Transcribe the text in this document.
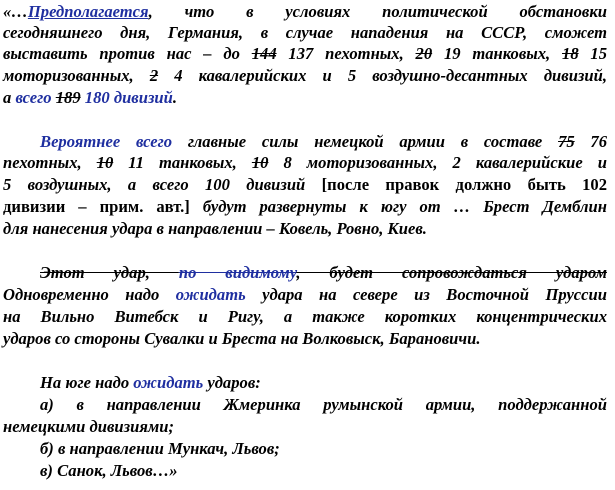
«…Предполагается, что в условиях политической обстановки
сегодняшнего дня, Германия, в случае нападения на СССР, сможет
выставить против нас – до 144 137 пехотных, 20 19 танковых, 18 15
моторизованных, 2 4 кавалерийских и 5 воздушно-десантных дивизий,
а всего 189 180 дивизий.
Вероятнее всего главные силы немецкой армии в составе 75 76
пехотных, 10 11 танковых, 10 8 моторизованных, 2 кавалерийские и
5 воздушных, а всего 100 дивизий [после правок должно быть 102
дивизии – прим. авт.] будут развернуты к югу от … Брест Демблин
для нанесения удара в направлении – Ковель, Ровно, Киев.
Этот удар, по видимому, будет сопровождаться ударом
Одновременно надо ожидать удара на севере из Восточной Пруссии
на Вильно Витебск и Ригу, а также коротких концентрических
ударов со стороны Сувалки и Бреста на Волковыск, Барановичи.
На юге надо ожидать ударов:
а) в направлении Жмеринка румынской армии, поддержанной
немецкими дивизиями;
б) в направлении Мункач, Львов;
в) Санок, Львов…»
